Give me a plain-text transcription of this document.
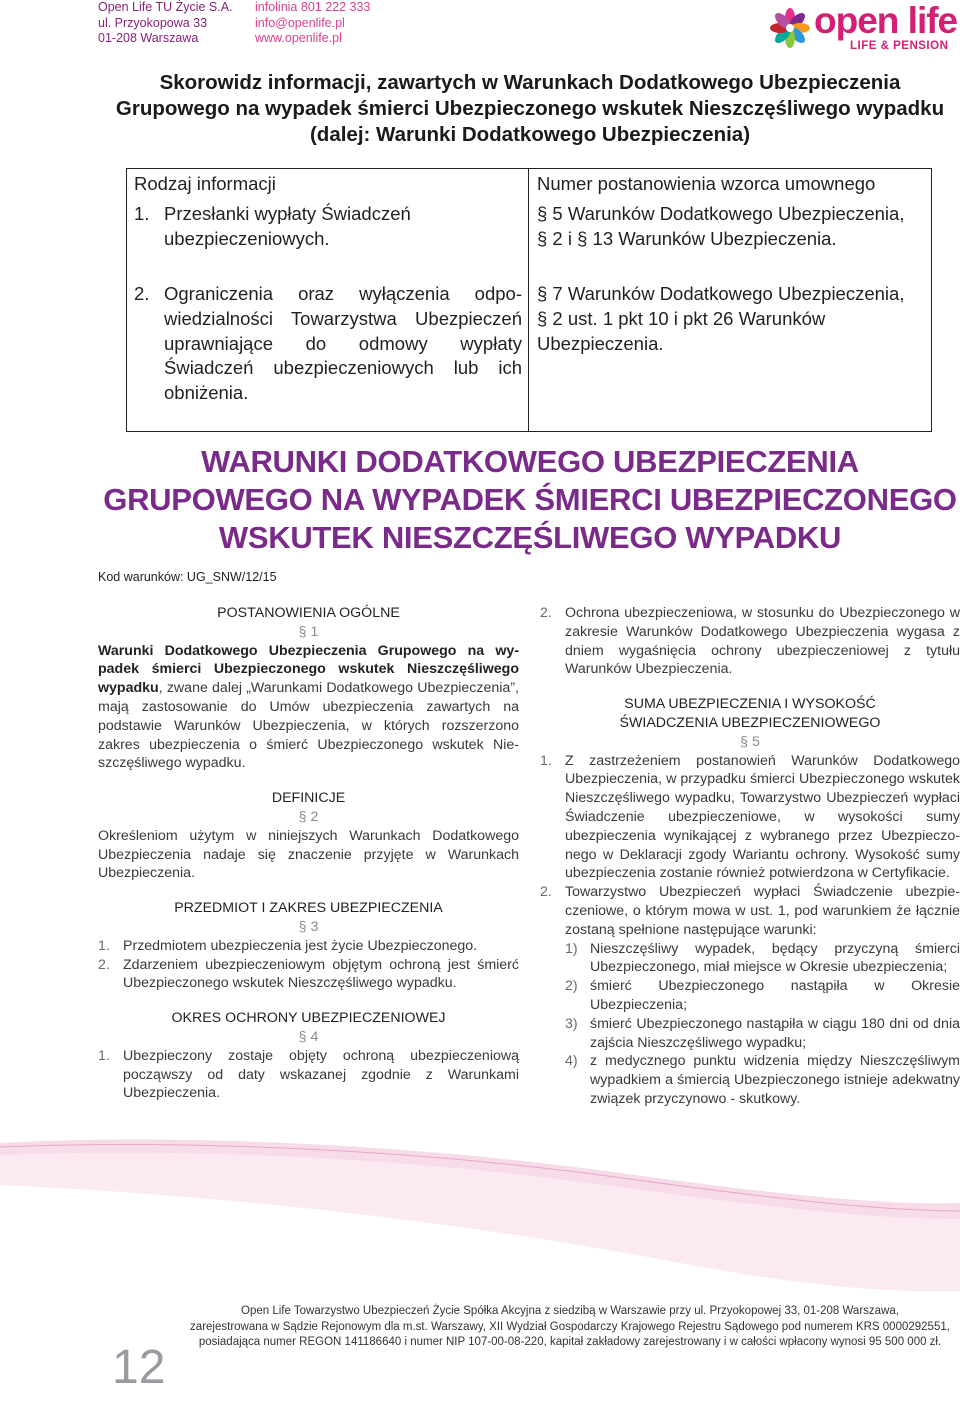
Open Life TU Życie S.A.
ul. Przyokopowa 33
01-208 Warszawa
infolinia 801 222 333
info@openlife.pl
www.openlife.pl	open life
LIFE & PENSION
Skorowidz informacji, zawartych w Warunkach Dodatkowego Ubezpieczenia
Grupowego na wypadek śmierci Ubezpieczonego wskutek Nieszczęśliwego wypadku
(dalej: Warunki Dodatkowego Ubezpieczenia)
Rodzaj informacji	Numer postanowienia wzorca umownego
1. Przesłanki wypłaty Świadczeń
ubezpieczeniowych.
§ 5 Warunków Dodatkowego Ubezpieczenia,
§ 2 i § 13 Warunków Ubezpieczenia.
2. Ograniczenia oraz wyłączenia odpo-
wiedzialności Towarzystwa Ubezpieczeń
uprawniające do odmowy wypłaty
Świadczeń ubezpieczeniowych lub ich
obniżenia.
§ 7 Warunków Dodatkowego Ubezpieczenia,
§ 2 ust. 1 pkt 10 i pkt 26 Warunków
Ubezpieczenia.
WARUNKI DODATKOWEGO UBEZPIECZENIA
GRUPOWEGO NA WYPADEK ŚMIERCI UBEZPIECZONEGO
WSKUTEK NIESZCZĘŚLIWEGO WYPADKU
Kod warunków: UG_SNW/12/15
POSTANOWIENIA OGÓLNE
§ 1
Warunki Dodatkowego Ubezpieczenia Grupowego na wypadek śmierci Ubezpieczonego wskutek Nieszczęśliwego wypadku, zwane dalej „Warunkami Dodatkowego Ubezpieczenia”, mają zastosowanie do Umów ubezpieczenia zawartych na podstawie Warunków Ubezpieczenia, w których rozszerzono zakres ubezpieczenia o śmierć Ubezpieczonego wskutek Nieszczęśliwego wypadku.
DEFINICJE
§ 2
Określeniom użytym w niniejszych Warunkach Dodatkowego Ubezpieczenia nadaje się znaczenie przyjęte w Warunkach Ubezpieczenia.
PRZEDMIOT I ZAKRES UBEZPIECZENIA
§ 3
1. Przedmiotem ubezpieczenia jest życie Ubezpieczonego.
2. Zdarzeniem ubezpieczeniowym objętym ochroną jest śmierć Ubezpieczonego wskutek Nieszczęśliwego wypadku.
OKRES OCHRONY UBEZPIECZENIOWEJ
§ 4
1. Ubezpieczony zostaje objęty ochroną ubezpieczeniową począwszy od daty wskazanej zgodnie z Warunkami Ubezpieczenia.
2. Ochrona ubezpieczeniowa, w stosunku do Ubezpieczonego w zakresie Warunków Dodatkowego Ubezpieczenia wygasa z dniem wygaśnięcia ochrony ubezpieczeniowej z tytułu Warunków Ubezpieczenia.
SUMA UBEZPIECZENIA I WYSOKOŚĆ
ŚWIADCZENIA UBEZPIECZENIOWEGO
§ 5
1. Z zastrzeżeniem postanowień Warunków Dodatkowego Ubezpieczenia, w przypadku śmierci Ubezpieczonego wskutek Nieszczęśliwego wypadku, Towarzystwo Ubezpieczeń wypłaci Świadczenie ubezpieczeniowe, w wysokości sumy ubezpieczenia wynikającej z wybranego przez Ubezpieczonego w Deklaracji zgody Wariantu ochrony. Wysokość sumy ubezpieczenia zostanie również potwierdzona w Certyfikacie.
2. Towarzystwo Ubezpieczeń wypłaci Świadczenie ubezpieczeniowe, o którym mowa w ust. 1, pod warunkiem że łącznie zostaną spełnione następujące warunki:
1) Nieszczęśliwy wypadek, będący przyczyną śmierci Ubezpieczonego, miał miejsce w Okresie ubezpieczenia;
2) śmierć Ubezpieczonego nastąpiła w Okresie Ubezpieczenia;
3) śmierć Ubezpieczonego nastąpiła w ciągu 180 dni od dnia zajścia Nieszczęśliwego wypadku;
4) z medycznego punktu widzenia między Nieszczęśliwym wypadkiem a śmiercią Ubezpieczonego istnieje adekwatny związek przyczynowo - skutkowy.
12
Open Life Towarzystwo Ubezpieczeń Życie Spółka Akcyjna z siedzibą w Warszawie przy ul. Przyokopowej 33, 01-208 Warszawa,
zarejestrowana w Sądzie Rejonowym dla m.st. Warszawy, XII Wydział Gospodarczy Krajowego Rejestru Sądowego pod numerem KRS 0000292551,
posiadająca numer REGON 141186640 i numer NIP 107-00-08-220, kapitał zakładowy zarejestrowany i w całości wpłacony wynosi 95 500 000 zł.
